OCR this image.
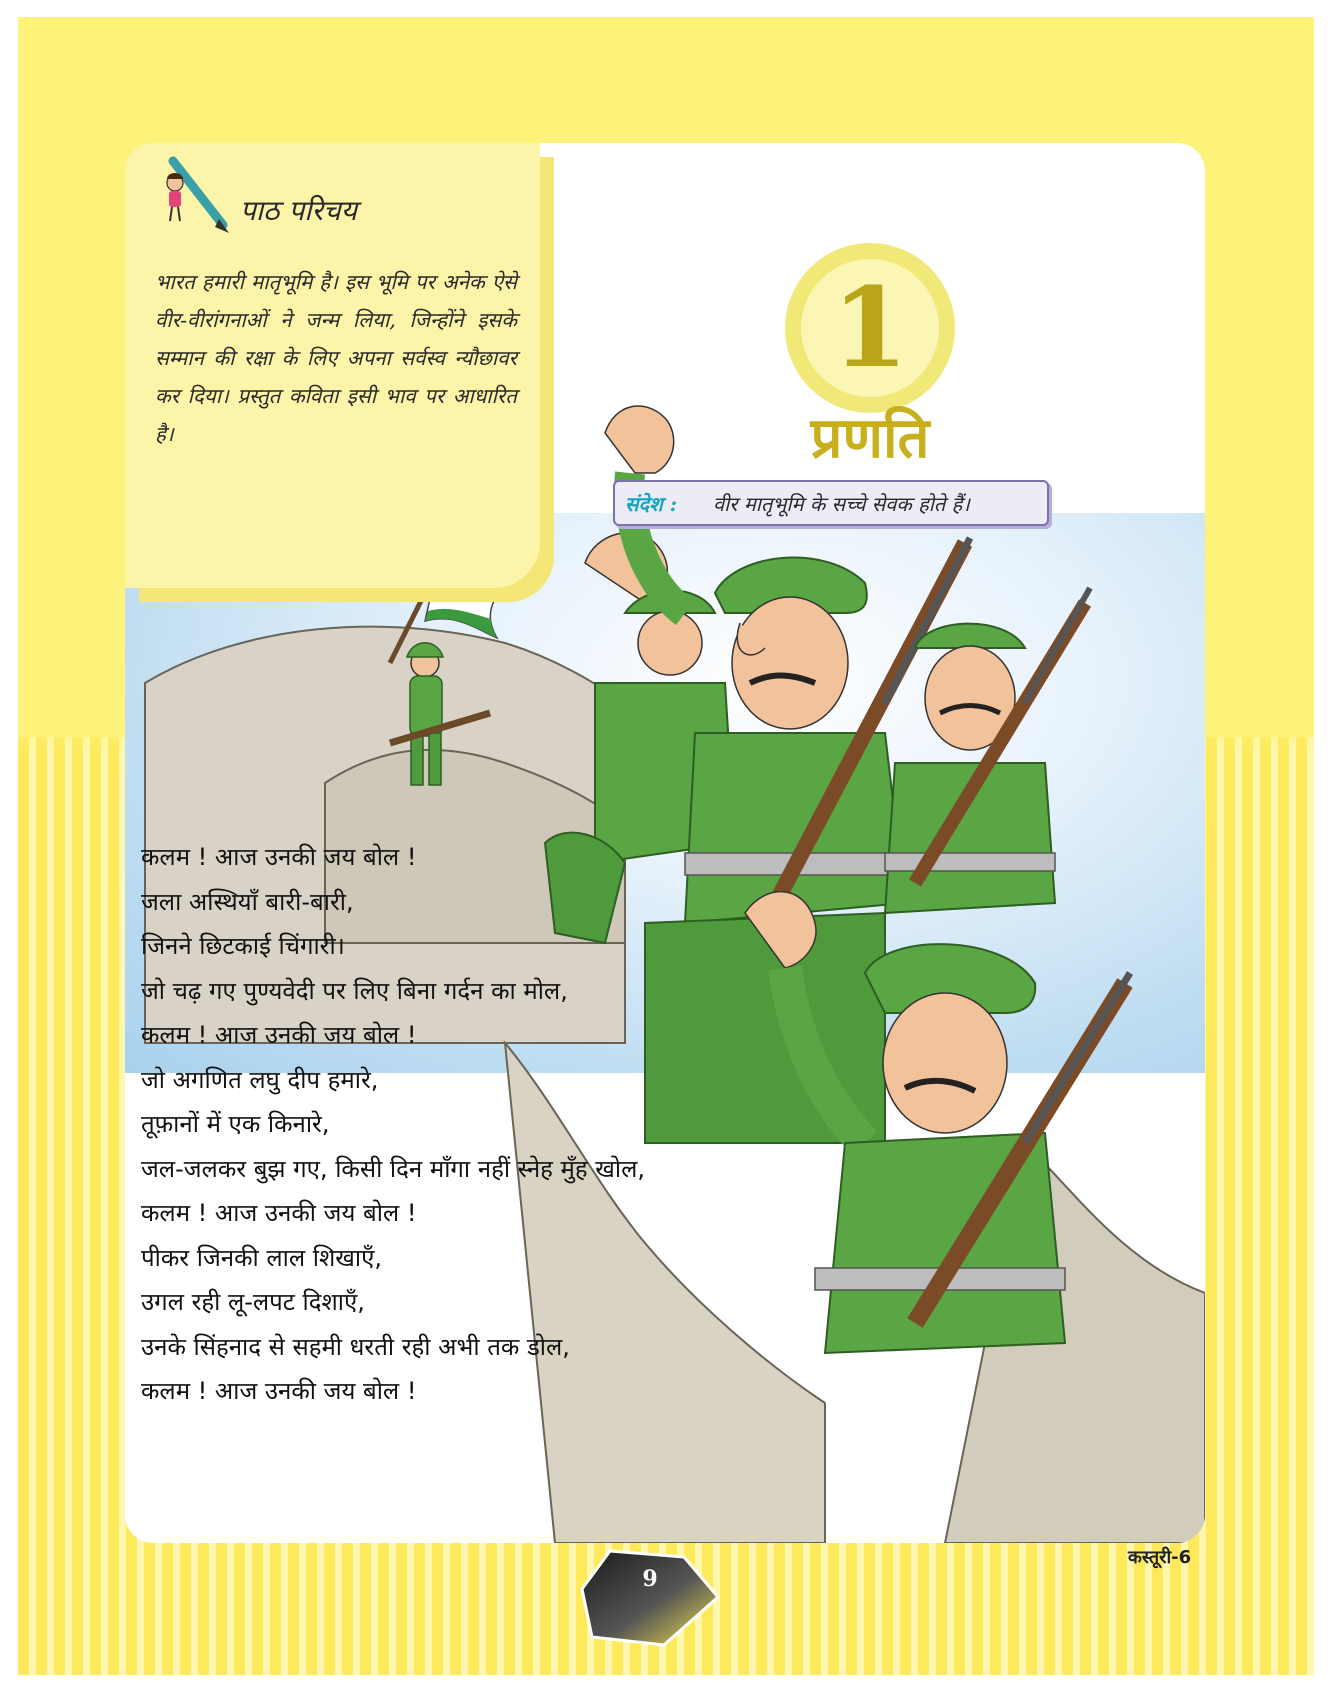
पाठ परिचय
भारत हमारी मातृभूमि है। इस भूमि पर अनेक ऐसे वीर-वीरांगनाओं ने जन्म लिया, जिन्होंने इसके सम्मान की रक्षा के लिए अपना सर्वस्व न्यौछावर कर दिया। प्रस्तुत कविता इसी भाव पर आधारित है।
1
प्रणति
संदेश : वीर मातृभूमि के सच्चे सेवक होते हैं।
कलम ! आज उनकी जय बोल !
जला अस्थियाँ बारी-बारी,
जिनने छिटकाई चिंगारी।
जो चढ़ गए पुण्यवेदी पर लिए बिना गर्दन का मोल,
कलम ! आज उनकी जय बोल !
जो अगणित लघु दीप हमारे,
तूफ़ानों में एक किनारे,
जल-जलकर बुझ गए, किसी दिन माँगा नहीं स्नेह मुँह खोल,
कलम ! आज उनकी जय बोल !
पीकर जिनकी लाल शिखाएँ,
उगल रही लू-लपट दिशाएँ,
उनके सिंहनाद से सहमी धरती रही अभी तक डोल,
कलम ! आज उनकी जय बोल !
9
कस्तूरी-6
